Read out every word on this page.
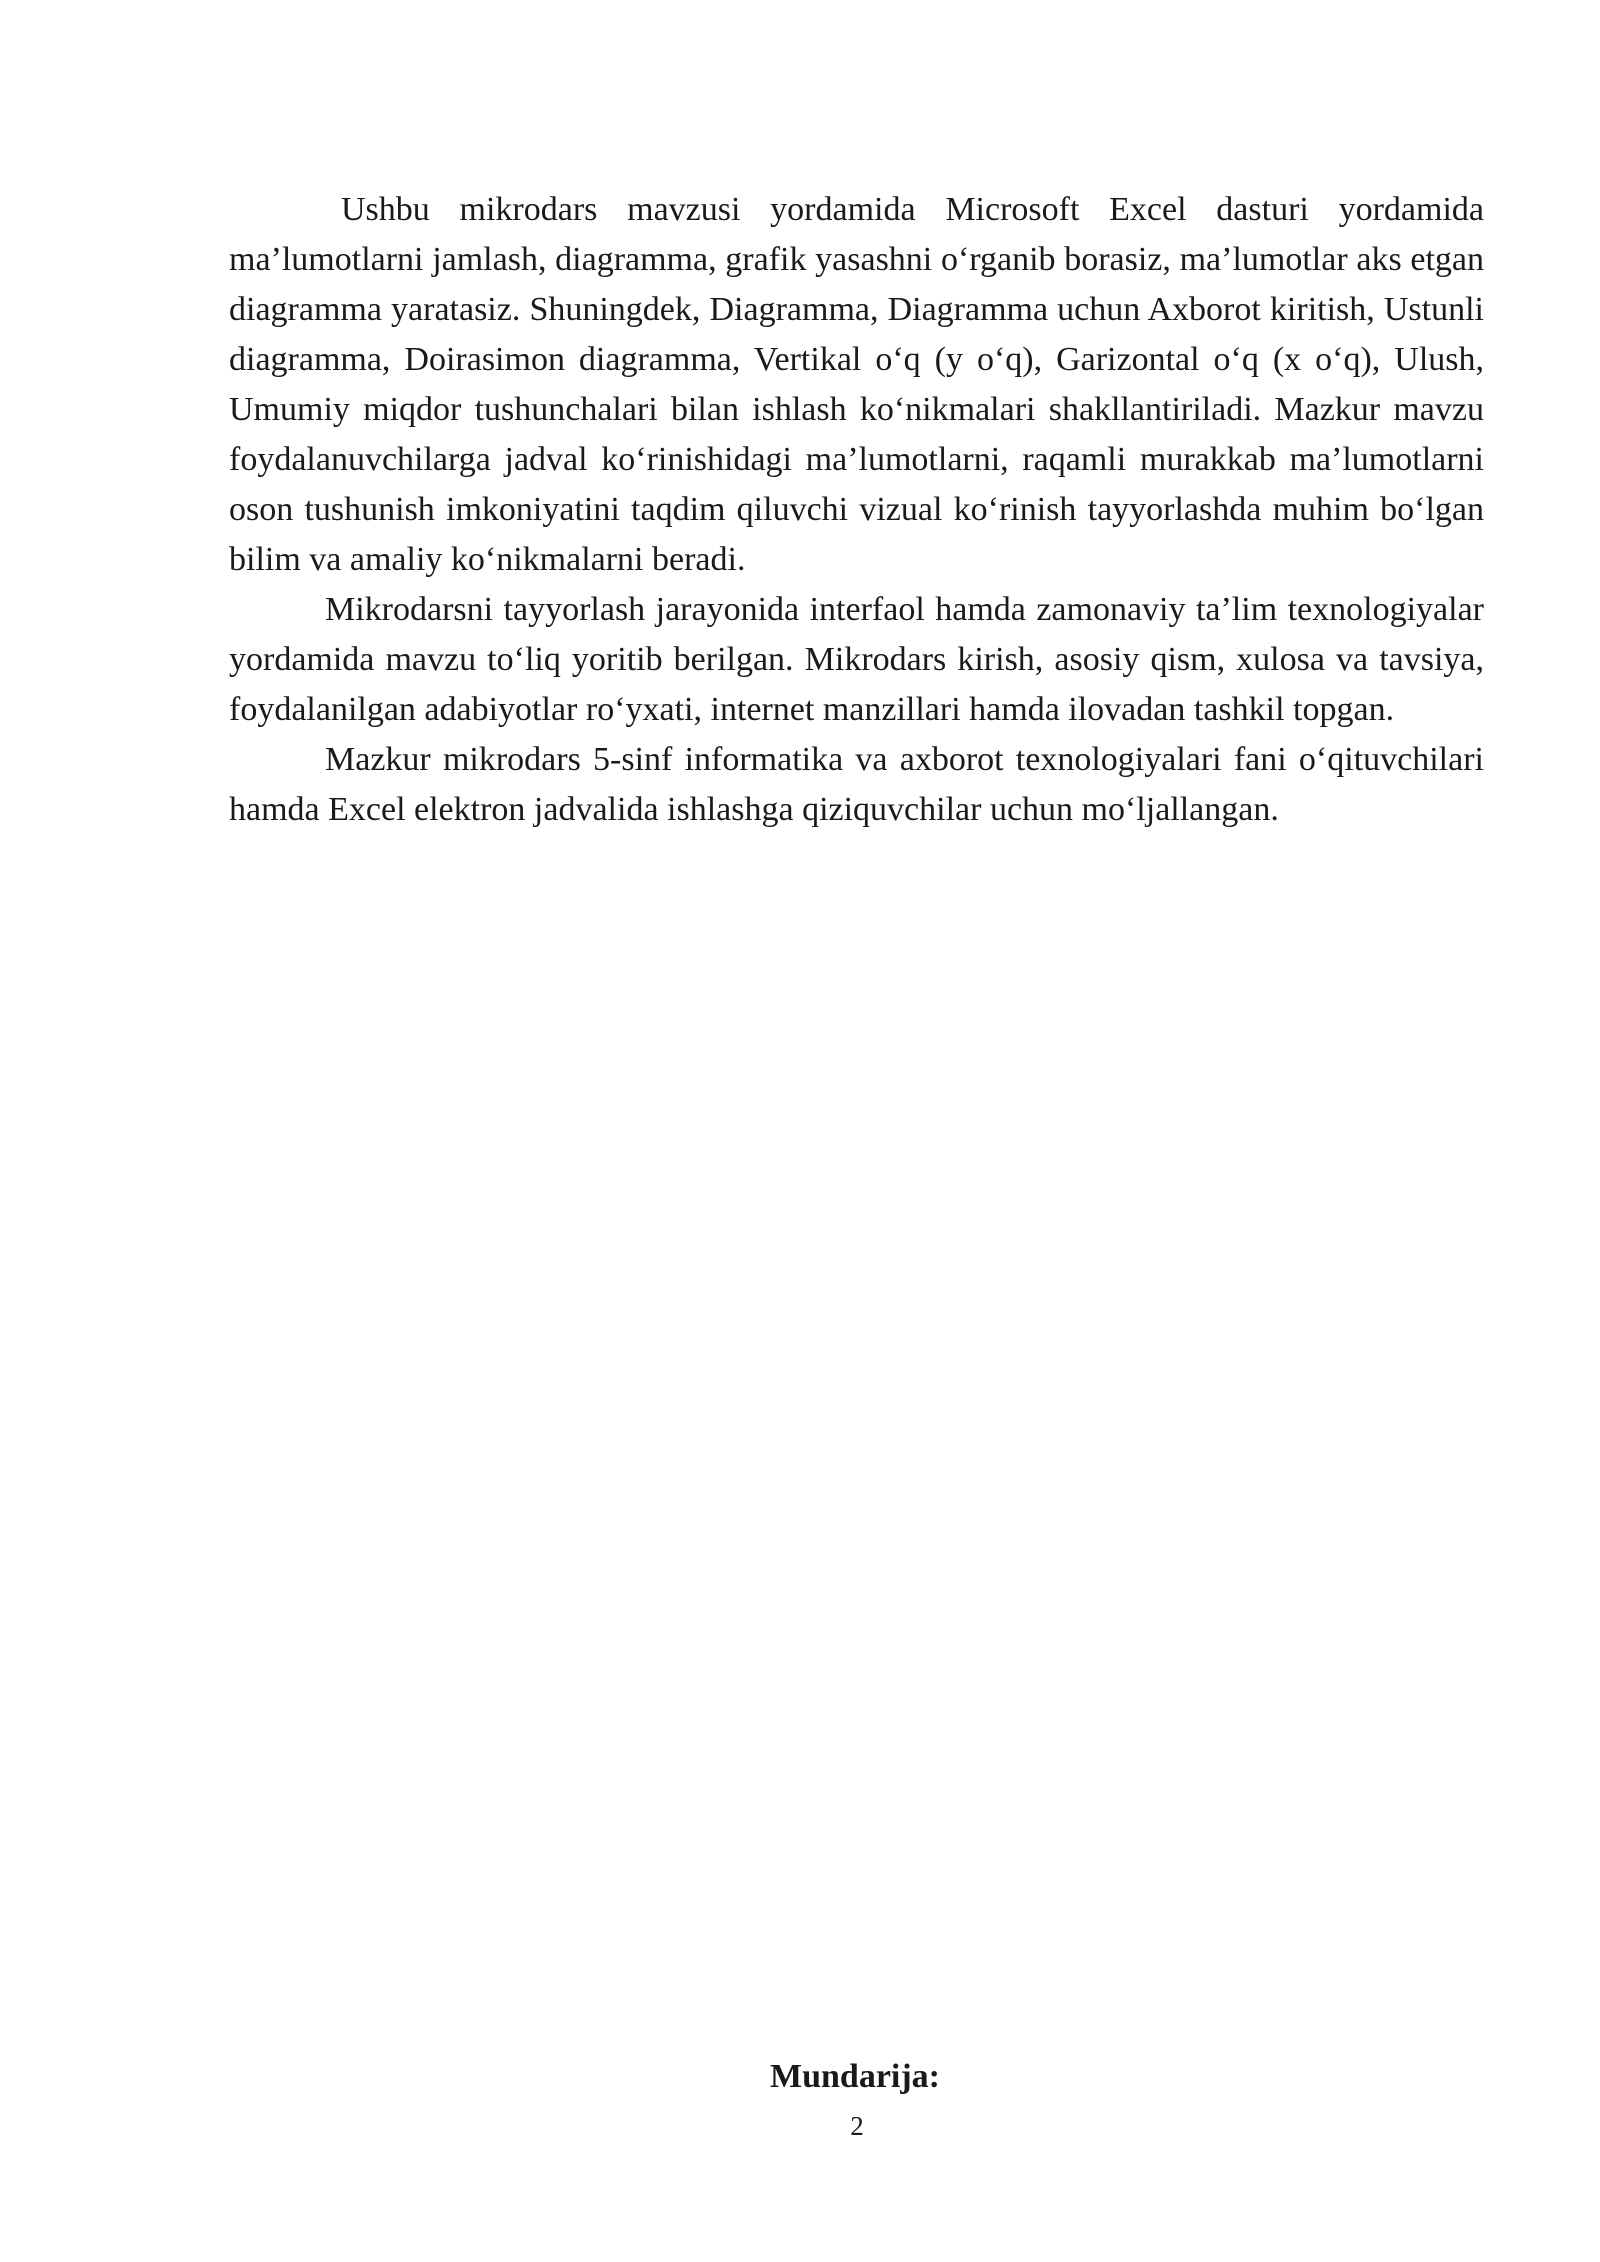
Ushbu mikrodars mavzusi yordamida Microsoft Excel dasturi yordamida ma’lumotlarni jamlash, diagramma, grafik yasashni o‘rganib borasiz, ma’lumotlar aks etgan diagramma yaratasiz. Shuningdek, Diagramma, Diagramma uchun Axborot kiritish, Ustunli diagramma, Doirasimon diagramma, Vertikal o‘q (y o‘q), Garizontal o‘q (x o‘q), Ulush, Umumiy miqdor tushunchalari bilan ishlash ko‘nikmalari shakllantiriladi. Mazkur mavzu foydalanuvchilarga jadval ko‘rinishidagi ma’lumotlarni, raqamli murakkab ma’lumotlarni oson tushunish imkoniyatini taqdim qiluvchi vizual ko‘rinish tayyorlashda muhim bo‘lgan bilim va amaliy ko‘nikmalarni beradi.

Mikrodarsni tayyorlash jarayonida interfaol hamda zamonaviy ta’lim texnologiyalar yordamida mavzu to‘liq yoritib berilgan. Mikrodars kirish, asosiy qism, xulosa va tavsiya, foydalanilgan adabiyotlar ro‘yxati, internet manzillari hamda ilovadan tashkil topgan.

Mazkur mikrodars 5-sinf informatika va axborot texnologiyalari fani o‘qituvchilari hamda Excel elektron jadvalida ishlashga qiziquvchilar uchun mo‘ljallangan.

Mundarija:
2
